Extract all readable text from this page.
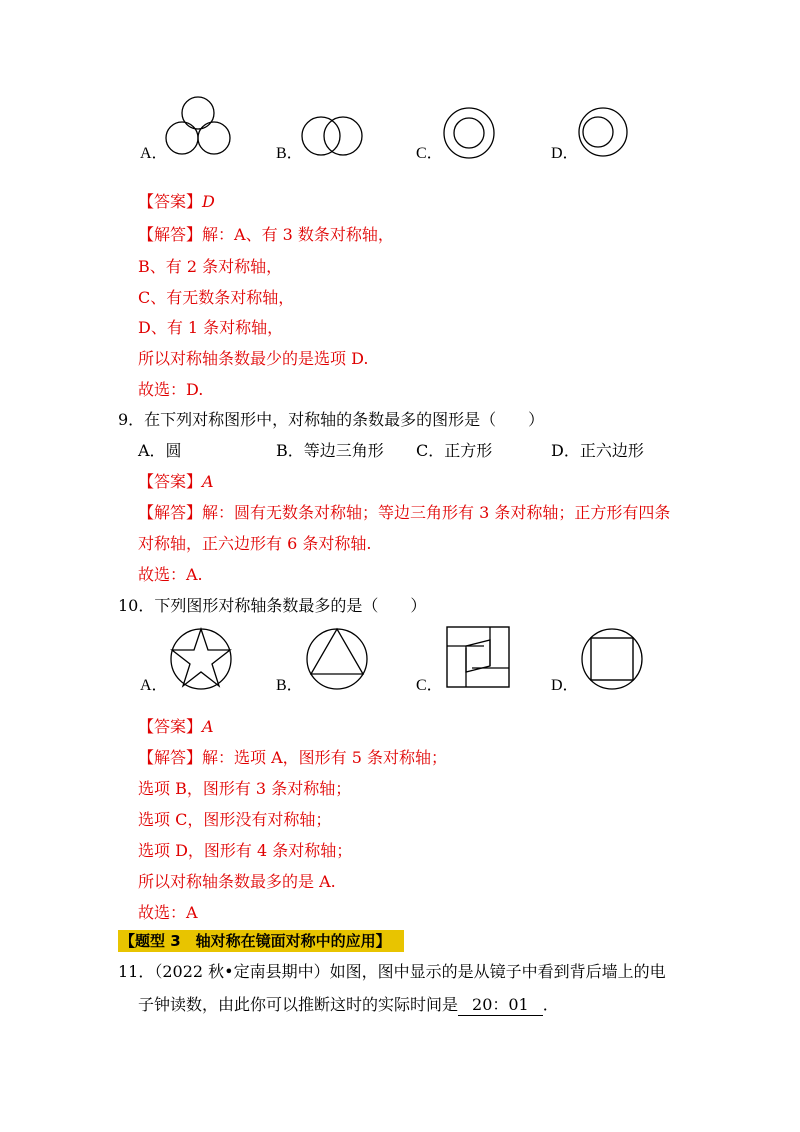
A．	B．	C．	D．
【答案】D
【解答】解：A、有 3 数条对称轴，
B、有 2 条对称轴，
C、有无数条对称轴，
D、有 1 条对称轴，
所以对称轴条数最少的是选项 D.
故选：D.
9．在下列对称图形中，对称轴的条数最多的图形是（　　）
A．圆	B．等边三角形 C．正方形	D．正六边形
【答案】A
【解答】解：圆有无数条对称轴；等边三角形有 3 条对称轴；正方形有四条
对称轴，正六边形有 6 条对称轴.
故选：A.
10．下列图形对称轴条数最多的是（　　）
A．	B．	C．	D．
【答案】A
【解答】解：选项 A，图形有 5 条对称轴；
选项 B，图形有 3 条对称轴；
选项 C，图形没有对称轴；
选项 D，图形有 4 条对称轴；
所以对称轴条数最多的是 A.
故选：A
【题型 3　轴对称在镜面对称中的应用】
11．（2022 秋•定南县期中）如图，图中显示的是从镜子中看到背后墙上的电
子钟读数，由此你可以推断这时的实际时间是 20：01 ．
